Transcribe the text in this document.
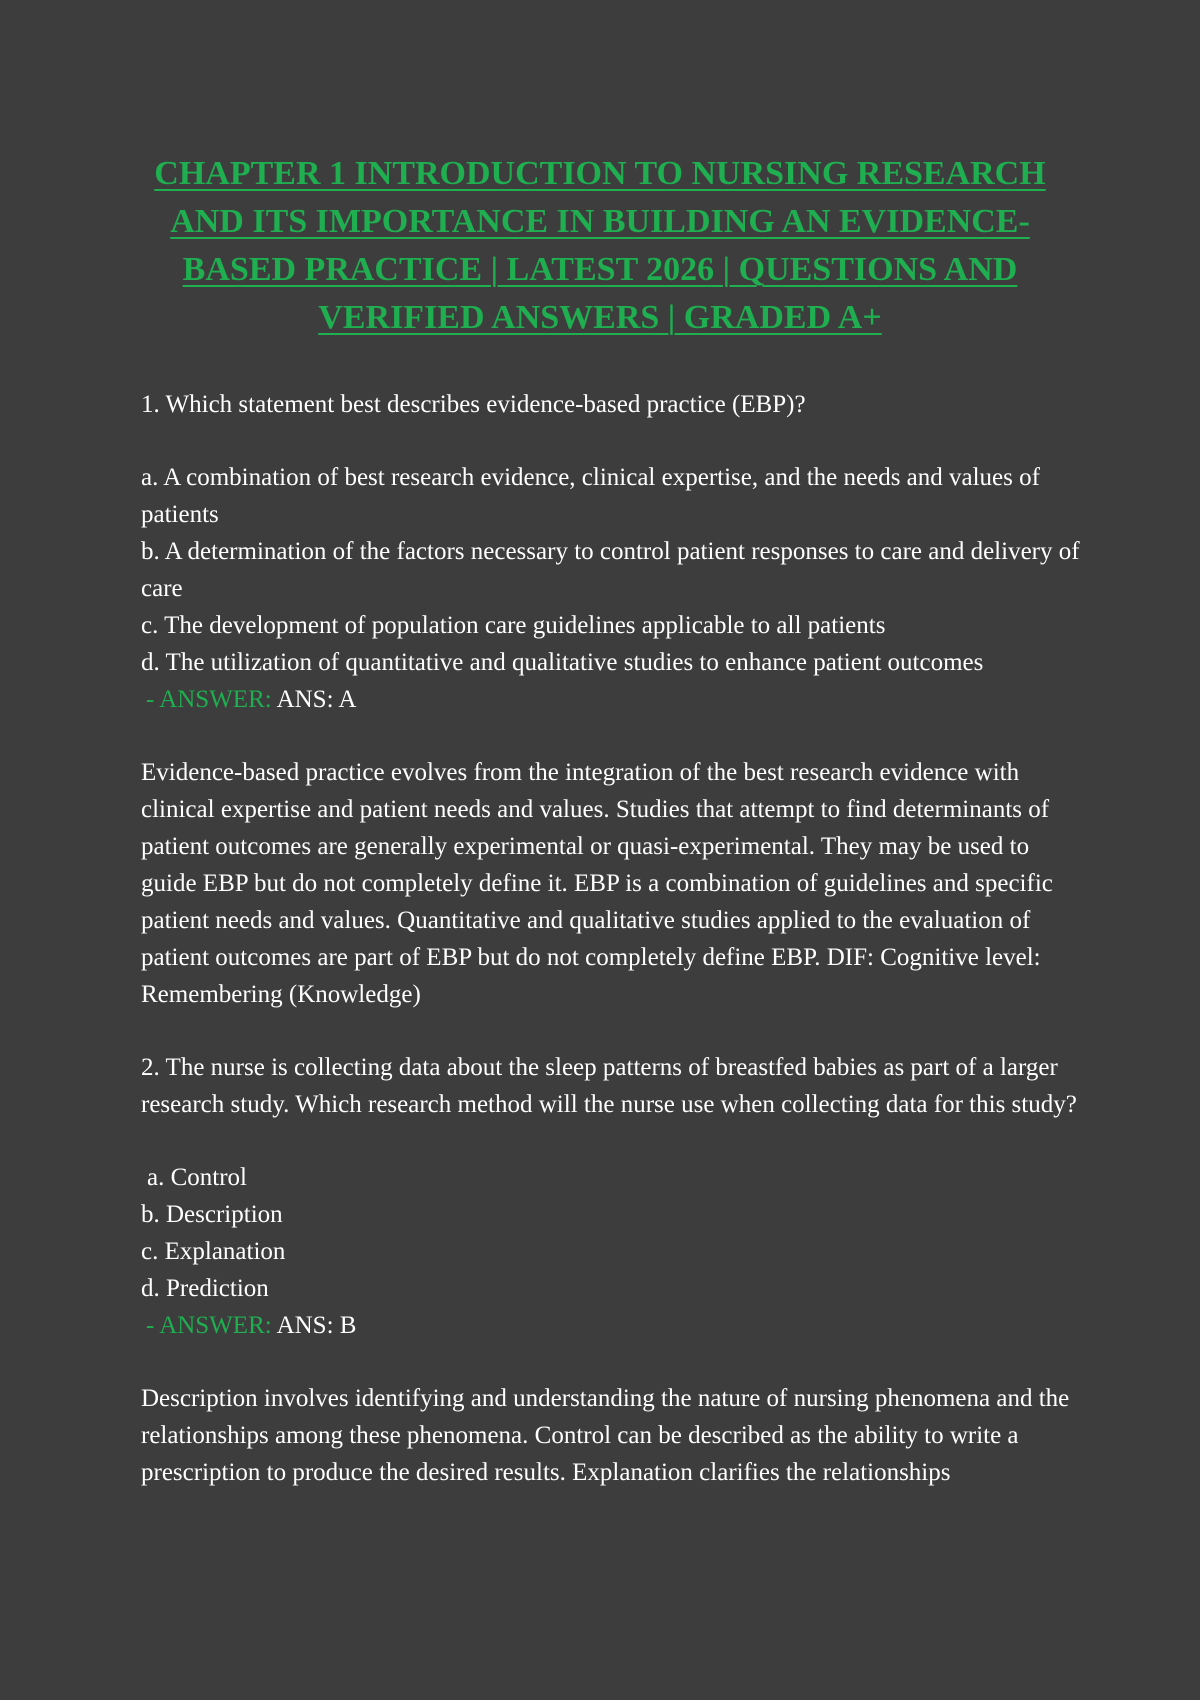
CHAPTER 1 INTRODUCTION TO NURSING RESEARCH AND ITS IMPORTANCE IN BUILDING AN EVIDENCE-BASED PRACTICE | LATEST 2026 | QUESTIONS AND VERIFIED ANSWERS | GRADED A+

1. Which statement best describes evidence-based practice (EBP)?

a. A combination of best research evidence, clinical expertise, and the needs and values of patients

b. A determination of the factors necessary to control patient responses to care and delivery of care

c. The development of population care guidelines applicable to all patients

d. The utilization of quantitative and qualitative studies to enhance patient outcomes

- ANSWER: ANS: A

Evidence-based practice evolves from the integration of the best research evidence with clinical expertise and patient needs and values. Studies that attempt to find determinants of patient outcomes are generally experimental or quasi-experimental. They may be used to guide EBP but do not completely define it. EBP is a combination of guidelines and specific patient needs and values. Quantitative and qualitative studies applied to the evaluation of patient outcomes are part of EBP but do not completely define EBP. DIF: Cognitive level: Remembering (Knowledge)

2. The nurse is collecting data about the sleep patterns of breastfed babies as part of a larger research study. Which research method will the nurse use when collecting data for this study?

a. Control

b. Description

c. Explanation

d. Prediction

- ANSWER: ANS: B

Description involves identifying and understanding the nature of nursing phenomena and the relationships among these phenomena. Control can be described as the ability to write a prescription to produce the desired results. Explanation clarifies the relationships
